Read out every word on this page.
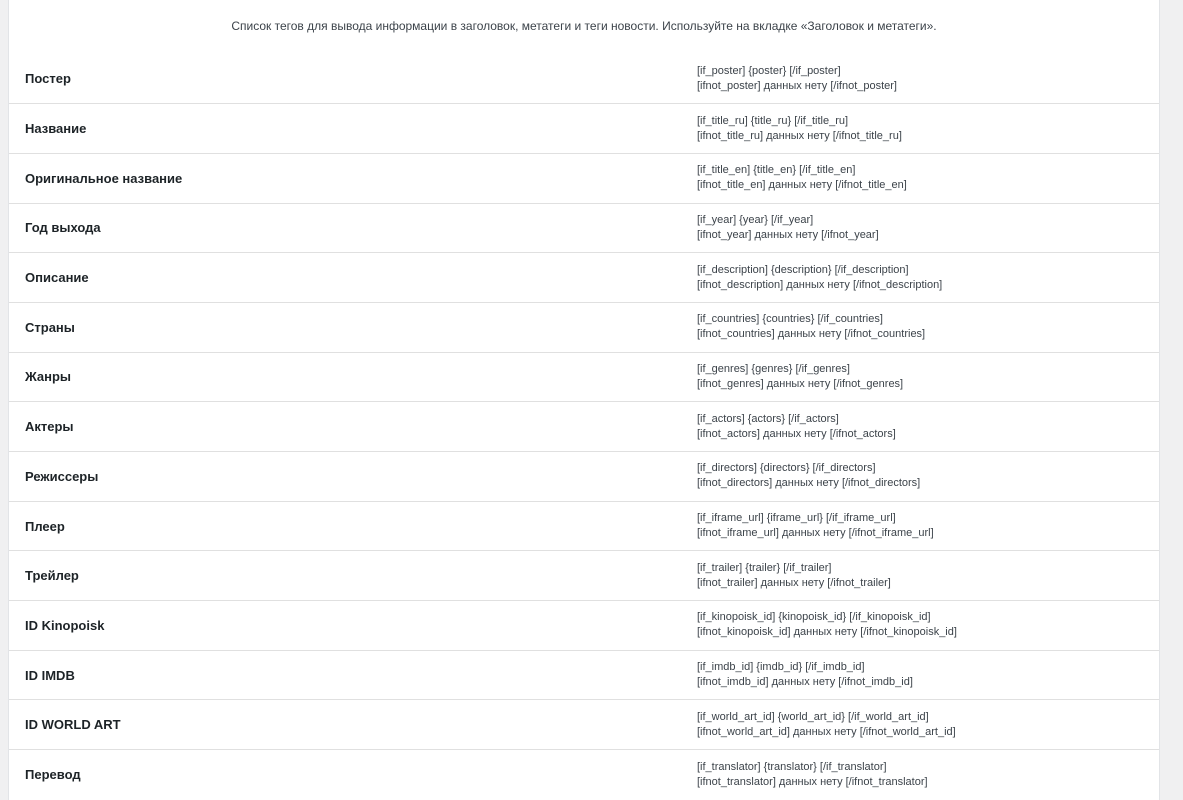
Список тегов для вывода информации в заголовок, метатеги и теги новости. Используйте на вкладке «Заголовок и метатеги».
Постер	[if_poster] {poster} [/if_poster]
[ifnot_poster] данных нету [/ifnot_poster]

Название	[if_title_ru] {title_ru} [/if_title_ru]
[ifnot_title_ru] данных нету [/ifnot_title_ru]

Оригинальное название	[if_title_en] {title_en} [/if_title_en]
[ifnot_title_en] данных нету [/ifnot_title_en]

Год выхода	[if_year] {year} [/if_year]
[ifnot_year] данных нету [/ifnot_year]

Описание	[if_description] {description} [/if_description]
[ifnot_description] данных нету [/ifnot_description]

Страны	[if_countries] {countries} [/if_countries]
[ifnot_countries] данных нету [/ifnot_countries]

Жанры	[if_genres] {genres} [/if_genres]
[ifnot_genres] данных нету [/ifnot_genres]

Актеры	[if_actors] {actors} [/if_actors]
[ifnot_actors] данных нету [/ifnot_actors]

Режиссеры	[if_directors] {directors} [/if_directors]
[ifnot_directors] данных нету [/ifnot_directors]

Плеер	[if_iframe_url] {iframe_url} [/if_iframe_url]
[ifnot_iframe_url] данных нету [/ifnot_iframe_url]

Трейлер	[if_trailer] {trailer} [/if_trailer]
[ifnot_trailer] данных нету [/ifnot_trailer]

ID Kinopoisk	[if_kinopoisk_id] {kinopoisk_id} [/if_kinopoisk_id]
[ifnot_kinopoisk_id] данных нету [/ifnot_kinopoisk_id]

ID IMDB	[if_imdb_id] {imdb_id} [/if_imdb_id]
[ifnot_imdb_id] данных нету [/ifnot_imdb_id]

ID WORLD ART	[if_world_art_id] {world_art_id} [/if_world_art_id]
[ifnot_world_art_id] данных нету [/ifnot_world_art_id]

Перевод	[if_translator] {translator} [/if_translator]
[ifnot_translator] данных нету [/ifnot_translator]
